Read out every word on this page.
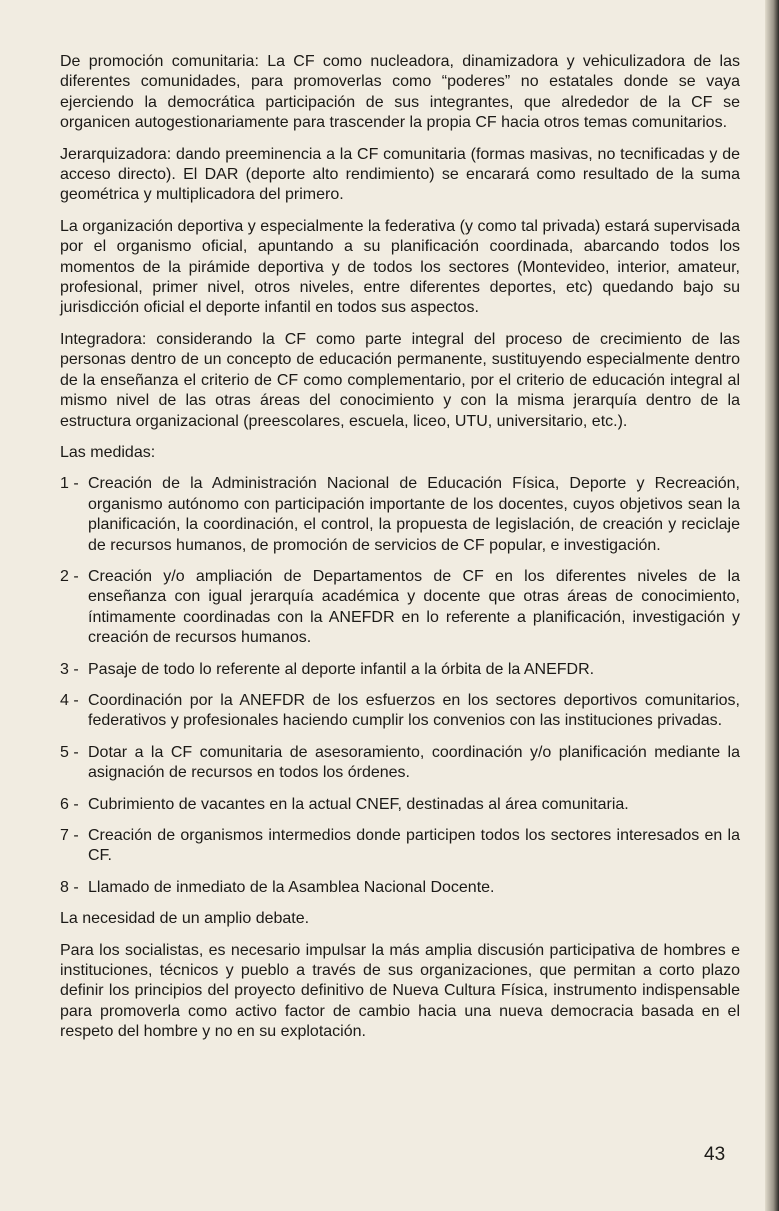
De promoción comunitaria: La CF como nucleadora, dinamizadora y vehiculizadora de las diferentes comunidades, para promoverlas como “poderes” no estatales donde se vaya ejerciendo la democrática participación de sus integrantes, que alrededor de la CF se organicen autogestionariamente para trascender la propia CF hacia otros temas comunitarios.

Jerarquizadora: dando preeminencia a la CF comunitaria (formas masivas, no tecnificadas y de acceso directo). El DAR (deporte alto rendimiento) se encarará como resultado de la suma geométrica y multiplicadora del primero.

La organización deportiva y especialmente la federativa (y como tal privada) estará supervisada por el organismo oficial, apuntando a su planificación coordinada, abarcando todos los momentos de la pirámide deportiva y de todos los sectores (Montevideo, interior, amateur, profesional, primer nivel, otros niveles, entre diferentes deportes, etc) quedando bajo su jurisdicción oficial el deporte infantil en todos sus aspectos.

Integradora: considerando la CF como parte integral del proceso de crecimiento de las personas dentro de un concepto de educación permanente, sustituyendo especialmente dentro de la enseñanza el criterio de CF como complementario, por el criterio de educación integral al mismo nivel de las otras áreas del conocimiento y con la misma jerarquía dentro de la estructura organizacional (preescolares, escuela, liceo, UTU, universitario, etc.).

Las medidas:

1 - Creación de la Administración Nacional de Educación Física, Deporte y Recreación, organismo autónomo con participación importante de los docentes, cuyos objetivos sean la planificación, la coordinación, el control, la propuesta de legislación, de creación y reciclaje de recursos humanos, de promoción de servicios de CF popular, e investigación.
2 - Creación y/o ampliación de Departamentos de CF en los diferentes niveles de la enseñanza con igual jerarquía académica y docente que otras áreas de conocimiento, íntimamente coordinadas con la ANEFDR en lo referente a planificación, investigación y creación de recursos humanos.
3 - Pasaje de todo lo referente al deporte infantil a la órbita de la ANEFDR.
4 - Coordinación por la ANEFDR de los esfuerzos en los sectores deportivos comunitarios, federativos y profesionales haciendo cumplir los convenios con las instituciones privadas.
5 - Dotar a la CF comunitaria de asesoramiento, coordinación y/o planificación mediante la asignación de recursos en todos los órdenes.
6 - Cubrimiento de vacantes en la actual CNEF, destinadas al área comunitaria.
7 - Creación de organismos intermedios donde participen todos los sectores interesados en la CF.
8 - Llamado de inmediato de la Asamblea Nacional Docente.

La necesidad de un amplio debate.

Para los socialistas, es necesario impulsar la más amplia discusión participativa de hombres e instituciones, técnicos y pueblo a través de sus organizaciones, que permitan a corto plazo definir los principios del proyecto definitivo de Nueva Cultura Física, instrumento indispensable para promoverla como activo factor de cambio hacia una nueva democracia basada en el respeto del hombre y no en su explotación.

43
